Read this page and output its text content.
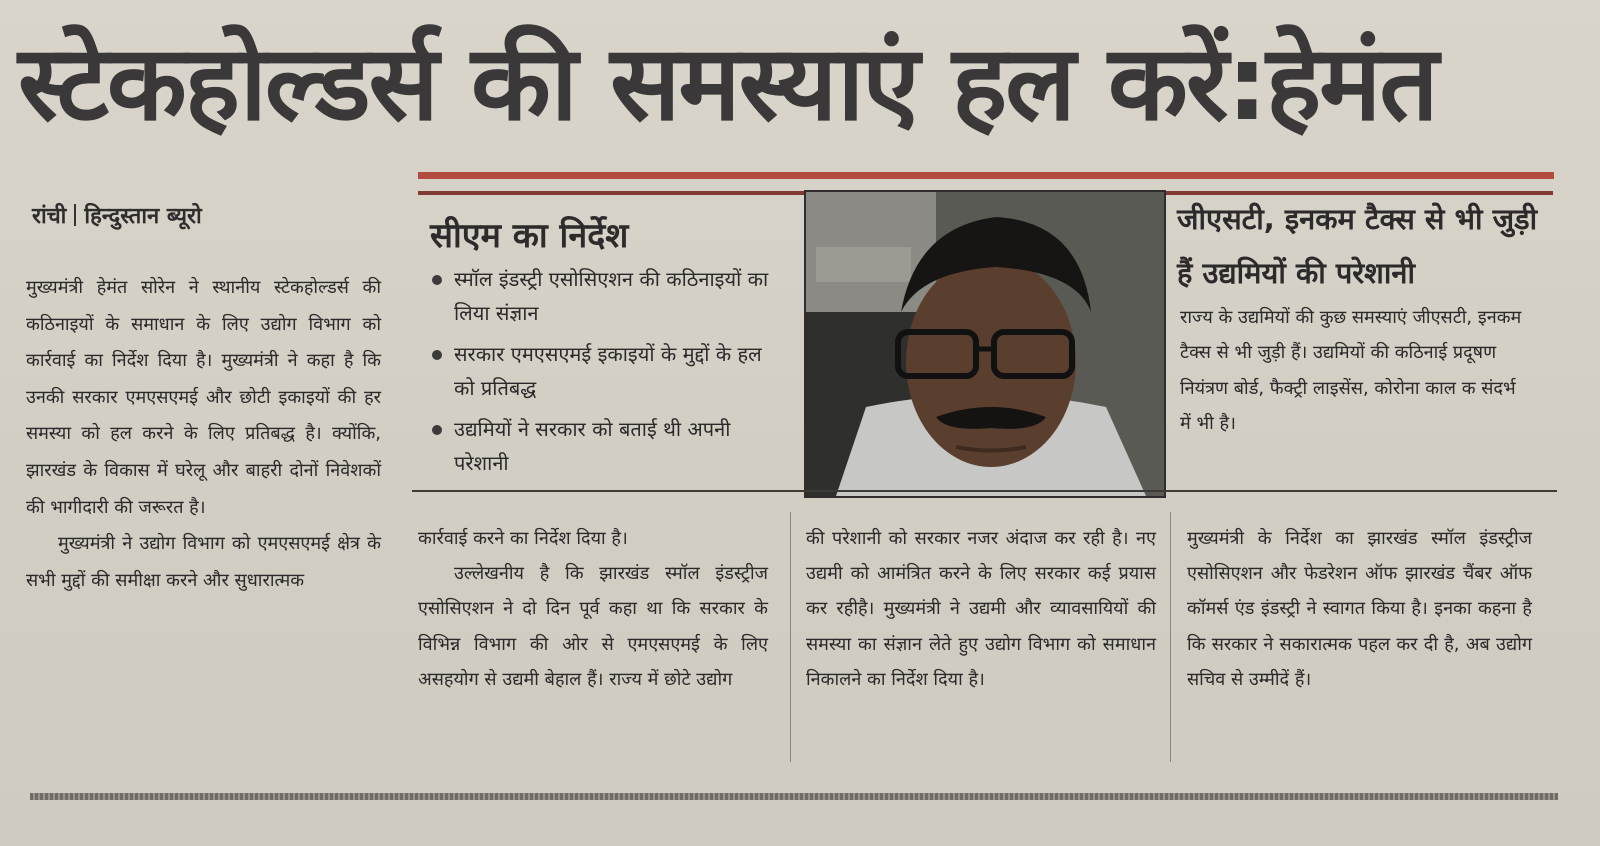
स्टेकहोल्डर्स की समस्याएं हल करें:हेमंत
रांची हिन्दुस्तान ब्यूरो

मुख्यमंत्री हेमंत सोरेन ने स्थानीय स्टेकहोल्डर्स की कठिनाइयों के समाधान के लिए उद्योग विभाग को कार्रवाई का निर्देश दिया है। मुख्यमंत्री ने कहा है कि उनकी सरकार एमएसएमई और छोटी इकाइयों की हर समस्या को हल करने के लिए प्रतिबद्ध है। क्योंकि, झारखंड के विकास में घरेलू और बाहरी दोनों निवेशकों की भागीदारी की जरूरत है।

मुख्यमंत्री ने उद्योग विभाग को एमएसएमई क्षेत्र के सभी मुद्दों की समीक्षा करने और सुधारात्मक

सीएम का निर्देश
स्मॉल इंडस्ट्री एसोसिएशन की कठिनाइयों का लिया संज्ञान
सरकार एमएसएमई इकाइयों के मुद्दों के हल को प्रतिबद्ध
उद्यमियों ने सरकार को बताई थी अपनी परेशानी
जीएसटी, इनकम टैक्स से भी जुड़ी हैं उद्यमियों की परेशानी
राज्य के उद्यमियों की कुछ समस्याएं जीएसटी, इनकम टैक्स से भी जुड़ी हैं। उद्यमियों की कठिनाई प्रदूषण नियंत्रण बोर्ड, फैक्ट्री लाइसेंस, कोरोना काल क संदर्भ में भी है।

कार्रवाई करने का निर्देश दिया है।

उल्लेखनीय है कि झारखंड स्मॉल इंडस्ट्रीज एसोसिएशन ने दो दिन पूर्व कहा था कि सरकार के विभिन्न विभाग की ओर से एमएसएमई के लिए असहयोग से उद्यमी बेहाल हैं। राज्य में छोटे उद्योग

की परेशानी को सरकार नजर अंदाज कर रही है। नए उद्यमी को आमंत्रित करने के लिए सरकार कई प्रयास कर रहीहै। मुख्यमंत्री ने उद्यमी और व्यावसायियों की समस्या का संज्ञान लेते हुए उद्योग विभाग को समाधान निकालने का निर्देश दिया है।

मुख्यमंत्री के निर्देश का झारखंड स्मॉल इंडस्ट्रीज एसोसिएशन और फेडरेशन ऑफ झारखंड चैंबर ऑफ कॉमर्स एंड इंडस्ट्री ने स्वागत किया है। इनका कहना है कि सरकार ने सकारात्मक पहल कर दी है, अब उद्योग सचिव से उम्मीदें हैं।
